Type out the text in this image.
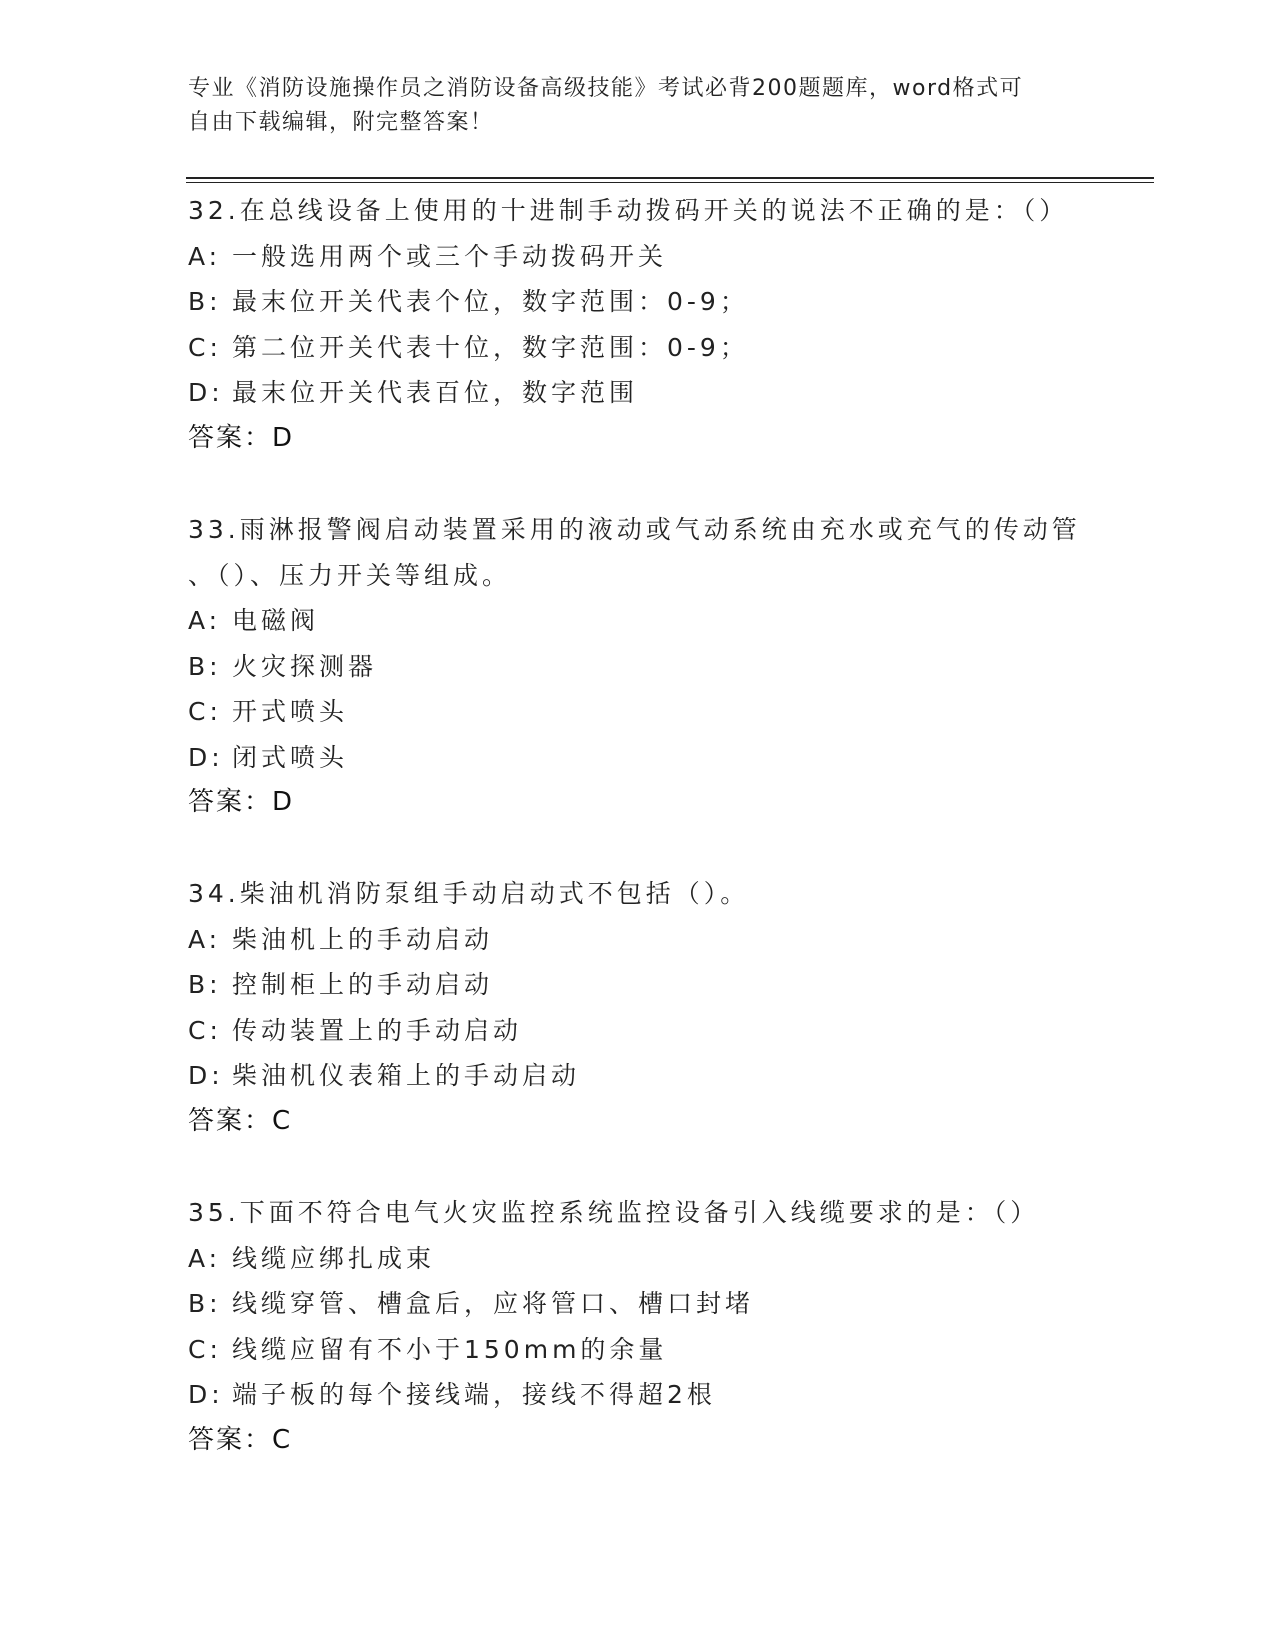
专业《消防设施操作员之消防设备高级技能》考试必背200题题库，word格式可
自由下载编辑，附完整答案！
32.在总线设备上使用的十进制手动拨码开关的说法不正确的是：（）
A: 一般选用两个或三个手动拨码开关
B: 最末位开关代表个位，数字范围：0-9；
C: 第二位开关代表十位，数字范围：0-9；
D: 最末位开关代表百位，数字范围
答案：D
33.雨淋报警阀启动装置采用的液动或气动系统由充水或充气的传动管
、（）、压力开关等组成。
A: 电磁阀
B: 火灾探测器
C: 开式喷头
D: 闭式喷头
答案：D
34.柴油机消防泵组手动启动式不包括（）。
A: 柴油机上的手动启动
B: 控制柜上的手动启动
C: 传动装置上的手动启动
D: 柴油机仪表箱上的手动启动
答案：C
35.下面不符合电气火灾监控系统监控设备引入线缆要求的是：（）
A: 线缆应绑扎成束
B: 线缆穿管、槽盒后，应将管口、槽口封堵
C: 线缆应留有不小于150mm的余量
D: 端子板的每个接线端，接线不得超2根
答案：C
